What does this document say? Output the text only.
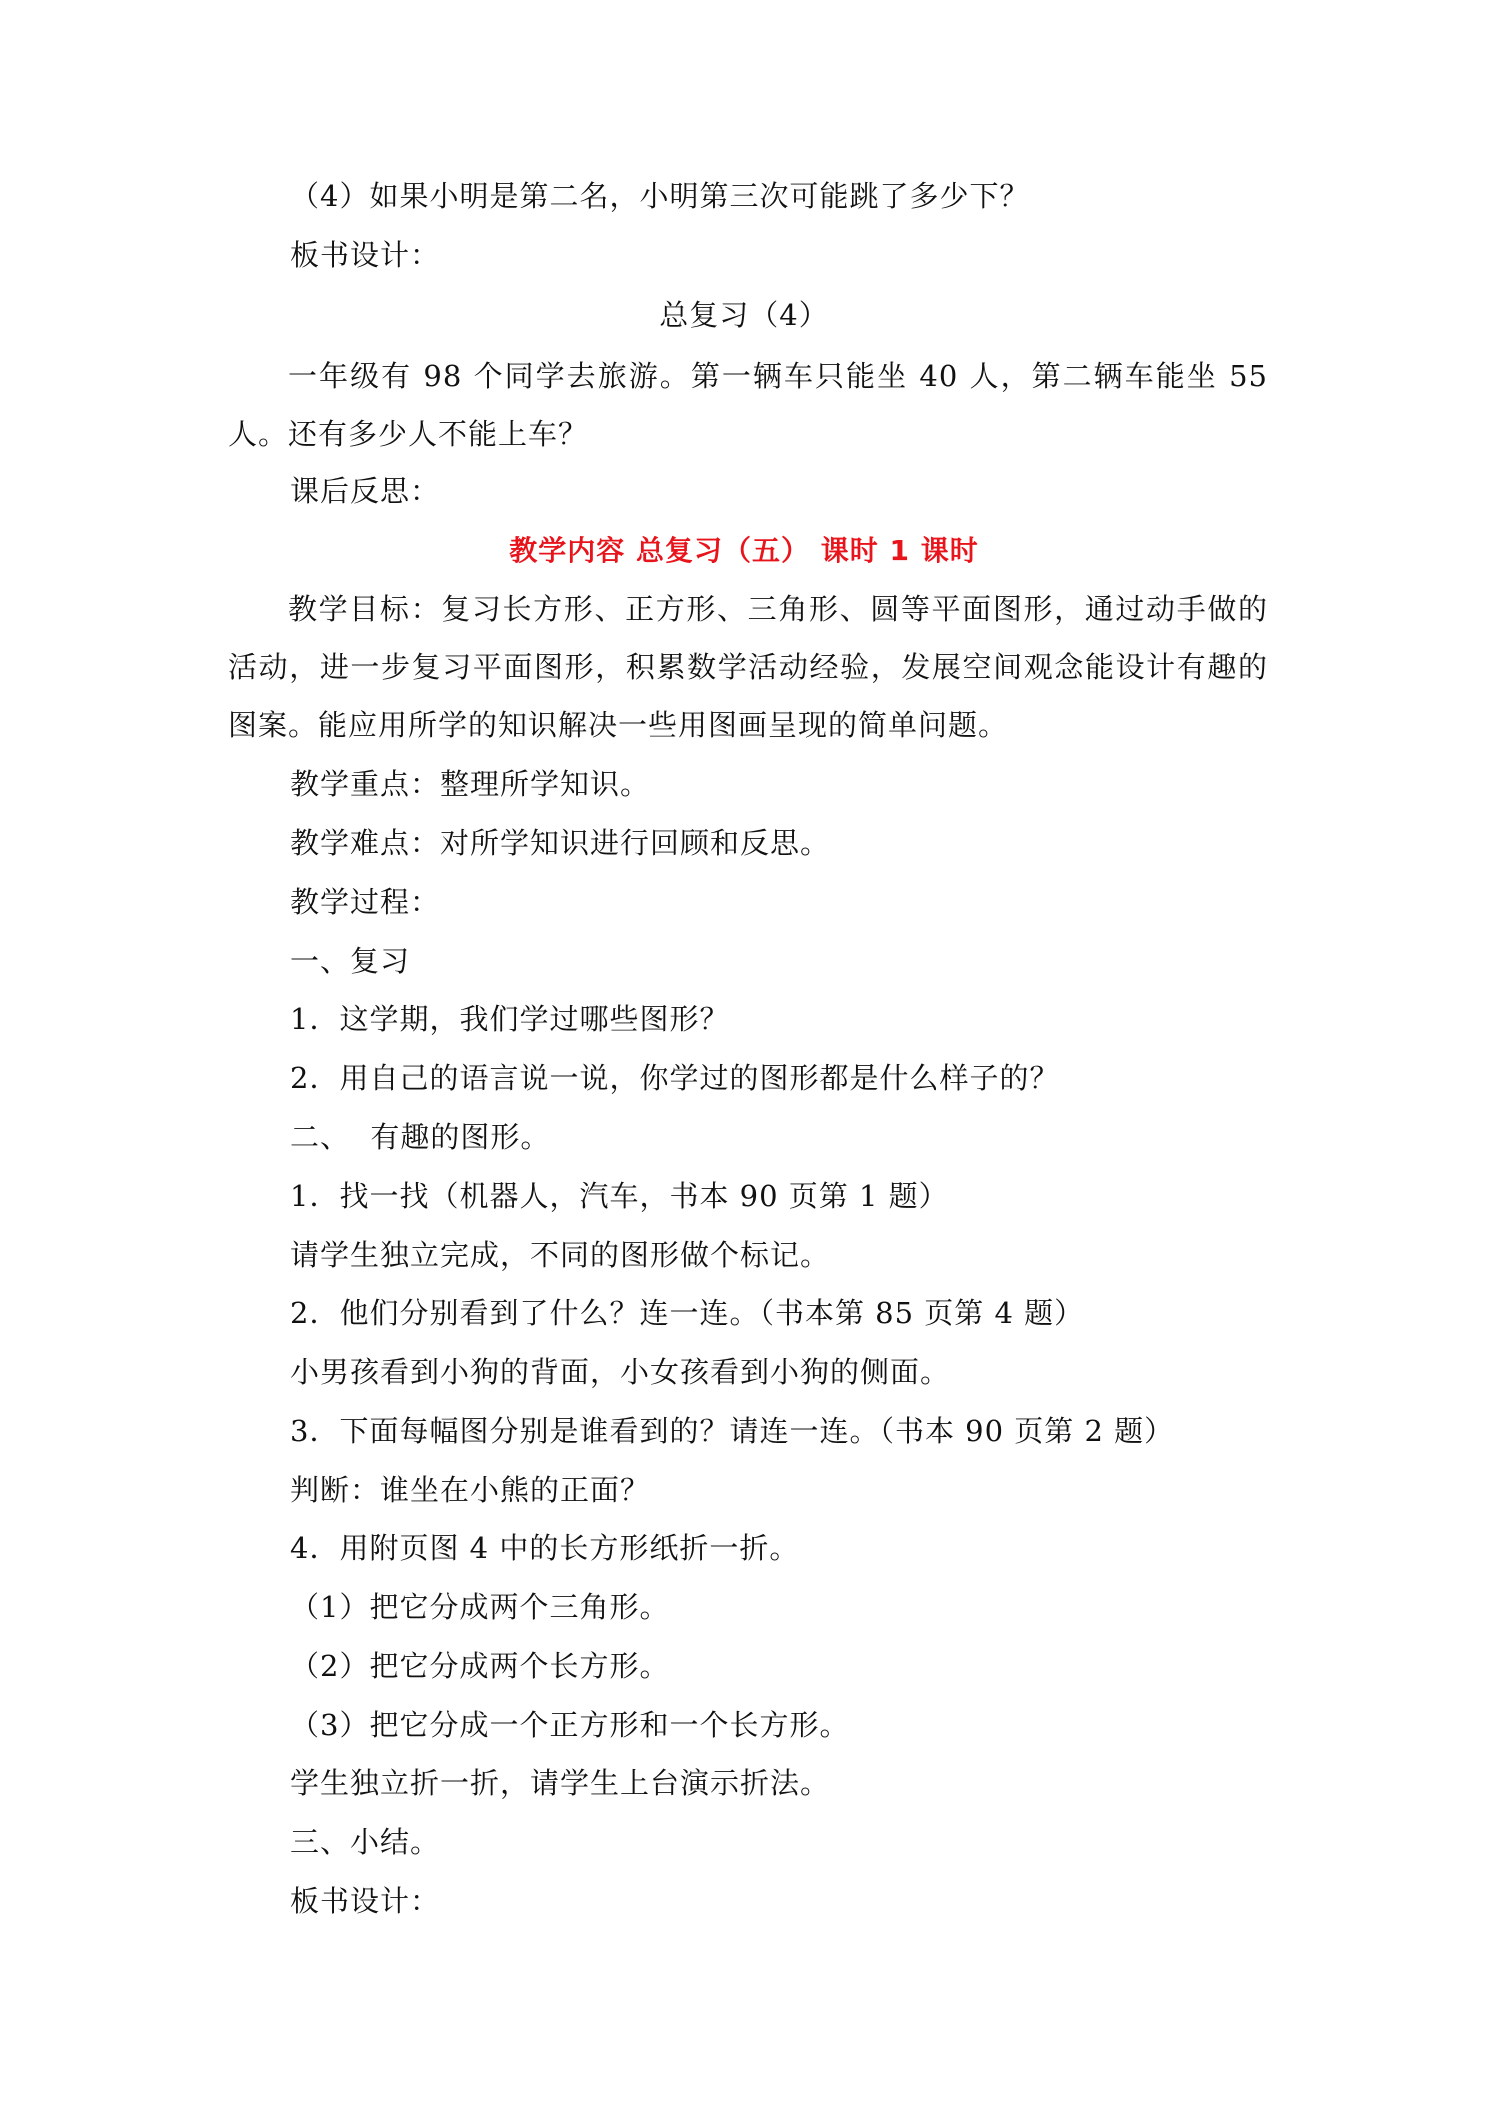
（4）如果小明是第二名，小明第三次可能跳了多少下？
板书设计：
总复习（4）
一年级有 98 个同学去旅游。第一辆车只能坐 40 人，第二辆车能坐 55 人。还有多少人不能上车？
课后反思：
教学内容 总复习（五） 课时 1 课时
教学目标：复习长方形、正方形、三角形、圆等平面图形，通过动手做的活动，进一步复习平面图形，积累数学活动经验，发展空间观念能设计有趣的图案。能应用所学的知识解决一些用图画呈现的简单问题。
教学重点：整理所学知识。
教学难点：对所学知识进行回顾和反思。
教学过程：
一、复习
1．这学期，我们学过哪些图形？
2．用自己的语言说一说，你学过的图形都是什么样子的？
二、  有趣的图形。
1．找一找（机器人，汽车，书本 90 页第 1 题）
请学生独立完成，不同的图形做个标记。
2．他们分别看到了什么？连一连。（书本第 85 页第 4 题）
小男孩看到小狗的背面，小女孩看到小狗的侧面。
3．下面每幅图分别是谁看到的？请连一连。（书本 90 页第 2 题）
判断：谁坐在小熊的正面？
4．用附页图 4 中的长方形纸折一折。
（1）把它分成两个三角形。
（2）把它分成两个长方形。
（3）把它分成一个正方形和一个长方形。
学生独立折一折，请学生上台演示折法。
三、小结。
板书设计：
